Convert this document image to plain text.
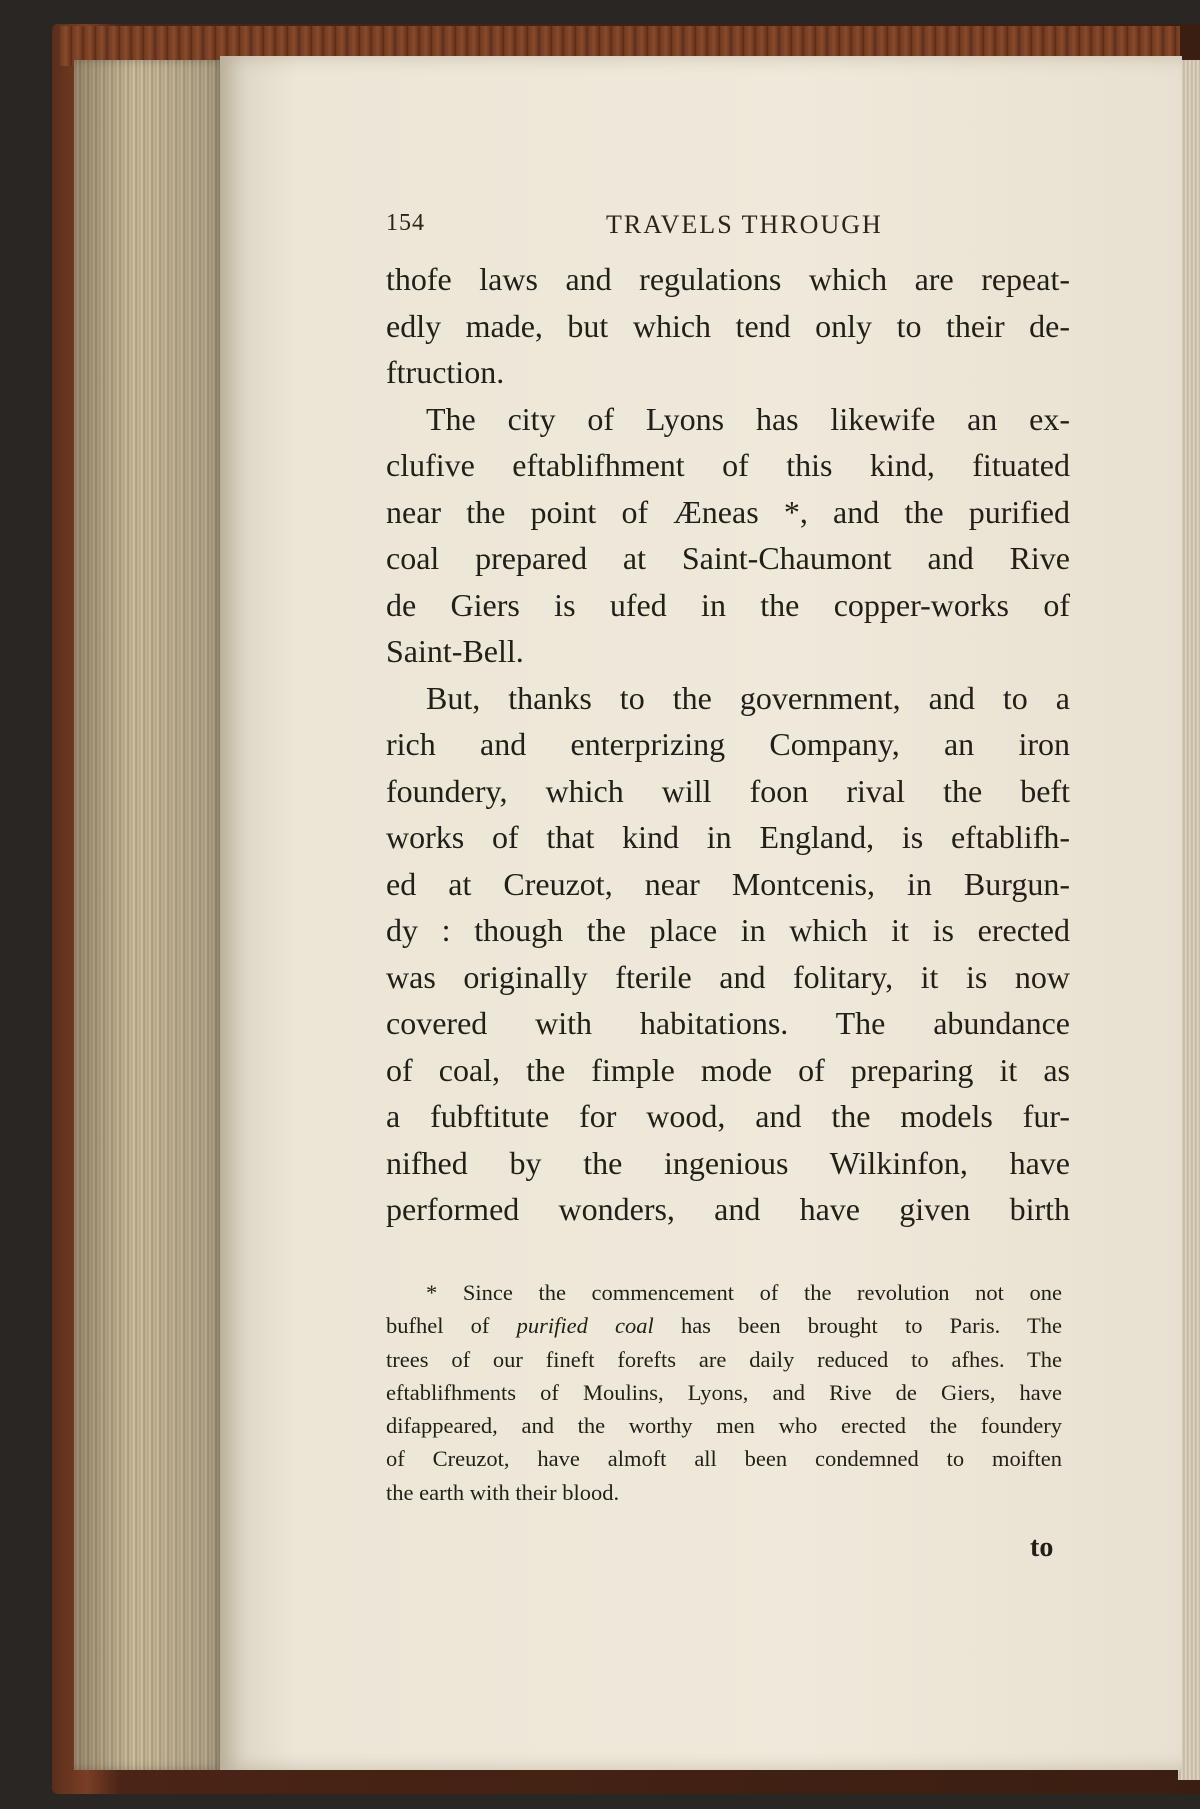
154	TRAVELS THROUGH
thofe laws and regulations which are repeat-
edly made, but which tend only to their de-
ftruction.
The city of Lyons has likewife an ex-
clufive eftablifhment of this kind, fituated
near the point of Æneas *, and the purified
coal prepared at Saint-Chaumont and Rive
de Giers is ufed in the copper-works of
Saint-Bell.
But, thanks to the government, and to a
rich and enterprizing Company, an iron
foundery, which will foon rival the beft
works of that kind in England, is eftablifh-
ed at Creuzot, near Montcenis, in Burgun-
dy : though the place in which it is erected
was originally fterile and folitary, it is now
covered with habitations. The abundance
of coal, the fimple mode of preparing it as
a fubftitute for wood, and the models fur-
nifhed by the ingenious Wilkinfon, have
performed wonders, and have given birth
* Since the commencement of the revolution not one
bufhel of purified coal has been brought to Paris. The
trees of our fineft forefts are daily reduced to afhes. The
eftablifhments of Moulins, Lyons, and Rive de Giers, have
difappeared, and the worthy men who erected the foundery
of Creuzot, have almoft all been condemned to moiften
the earth with their blood.
to
